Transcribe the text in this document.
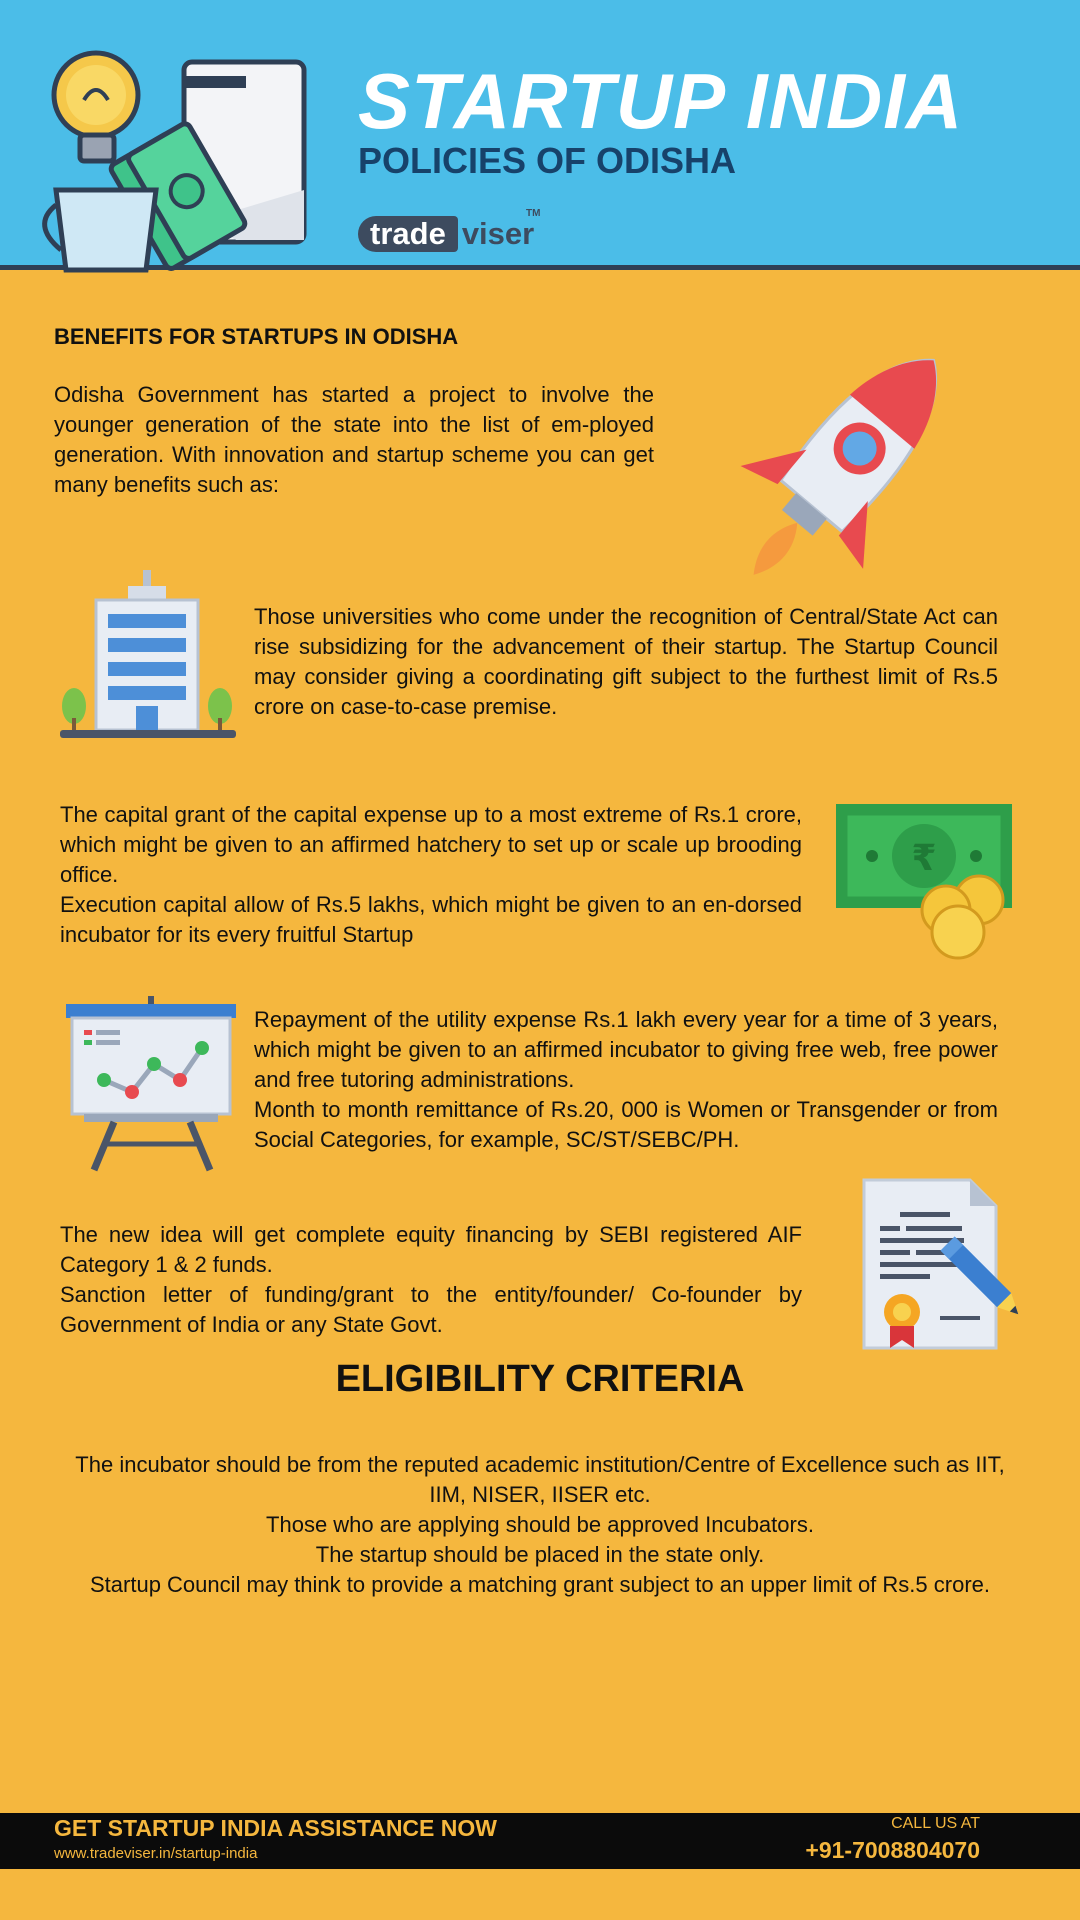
STARTUP INDIA
POLICIES OF ODISHA
trade viser
TM
BENEFITS FOR STARTUPS IN ODISHA
Odisha Government has started a project to involve the younger generation of the state into the list of em-ployed generation. With innovation and startup scheme you can get many benefits such as:
Those universities who come under the recognition of Central/State Act can rise subsidizing for the advancement of their startup. The Startup Council may consider giving a coordinating gift subject to the furthest limit of Rs.5 crore on case-to-case premise.
The capital grant of the capital expense up to a most extreme of Rs.1 crore, which might be given to an affirmed hatchery to set up or scale up brooding office.
Execution capital allow of Rs.5 lakhs, which might be given to an en-dorsed incubator for its every fruitful Startup
₹
Repayment of the utility expense Rs.1 lakh every year for a time of 3 years, which might be given to an affirmed incubator to giving free web, free power and free tutoring administrations.
Month to month remittance of Rs.20, 000 is Women or Transgender or from Social Categories, for example, SC/ST/SEBC/PH.
The new idea will get complete equity financing by SEBI registered AIF Category 1 & 2 funds.
Sanction letter of funding/grant to the entity/founder/ Co-founder by Government of India or any State Govt.
ELIGIBILITY CRITERIA
The incubator should be from the reputed academic institution/Centre of Excellence such as IIT, IIM, NISER, IISER etc.
Those who are applying should be approved Incubators.
The startup should be placed in the state only.
Startup Council may think to provide a matching grant subject to an upper limit of Rs.5 crore.
GET STARTUP INDIA ASSISTANCE NOW
www.tradeviser.in/startup-india
CALL US AT
+91-7008804070
